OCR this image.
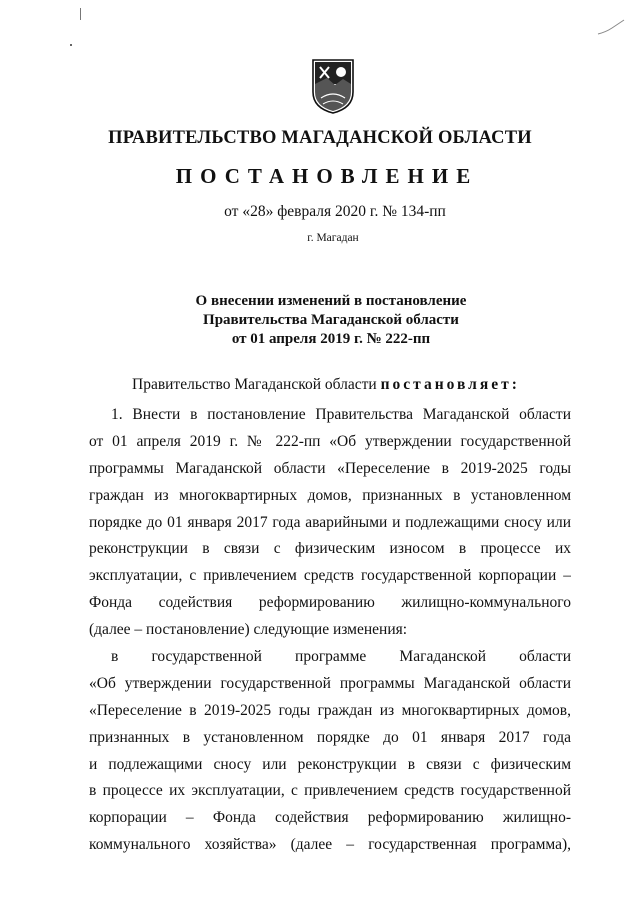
ПРАВИТЕЛЬСТВО МАГАДАНСКОЙ ОБЛАСТИ
ПОСТАНОВЛЕНИЕ
от «28» февраля 2020 г. № 134-пп
г. Магадан
О внесении изменений в постановление
Правительства Магаданской области
от 01 апреля 2019 г. № 222-пп
Правительство Магаданской области постановляет:
1. Внести в постановление Правительства Магаданской области
от 01 апреля 2019 г. № 222-пп «Об утверждении государственной
программы Магаданской области «Переселение в 2019-2025 годы
граждан из многоквартирных домов, признанных в установленном
порядке до 01 января 2017 года аварийными и подлежащими сносу или
реконструкции в связи с физическим износом в процессе их
эксплуатации, с привлечением средств государственной корпорации –
Фонда содействия реформированию жилищно-коммунального
(далее – постановление) следующие изменения:
в государственной программе Магаданской области
«Об утверждении государственной программы Магаданской области
«Переселение в 2019-2025 годы граждан из многоквартирных домов,
признанных в установленном порядке до 01 января 2017 года
и подлежащими сносу или реконструкции в связи с физическим
в процессе их эксплуатации, с привлечением средств государственной
корпорации – Фонда содействия реформированию жилищно-
коммунального хозяйства» (далее – государственная программа),
